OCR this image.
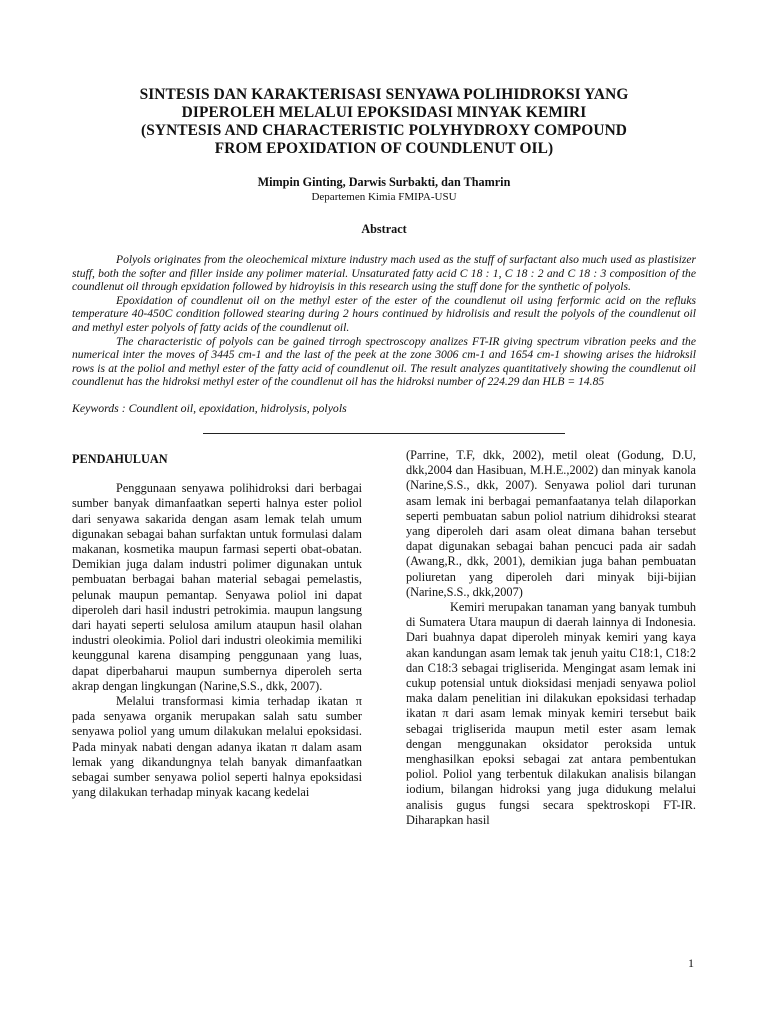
SINTESIS DAN KARAKTERISASI SENYAWA POLIHIDROKSI YANG
DIPEROLEH MELALUI EPOKSIDASI MINYAK KEMIRI
(SYNTESIS AND CHARACTERISTIC POLYHYDROXY COMPOUND
FROM EPOXIDATION OF COUNDLENUT OIL)
Mimpin Ginting, Darwis Surbakti, dan Thamrin
Departemen Kimia FMIPA-USU
Abstract

Polyols originates from the oleochemical mixture industry mach used as the stuff of surfactant also much used as plastisizer stuff, both the softer and filler inside any polimer material. Unsaturated fatty acid C 18 : 1, C 18 : 2 and C 18 : 3 composition of the coundlenut oil through epxidation followed by hidroyisis in this research using the stuff done for the synthetic of polyols.

Epoxidation of coundlenut oil on the methyl ester of the ester of the coundlenut oil using ferformic acid on the refluks temperature 40-450C condition followed stearing during 2 hours continued by hidrolisis and result the polyols of the coundlenut oil and methyl ester polyols of fatty acids of the coundlenut oil.

The characteristic of polyols can be gained tirrogh spectroscopy analizes FT-IR giving spectrum vibration peeks and the numerical inter the moves of 3445 cm-1 and the last of the peek at the zone 3006 cm-1 and 1654 cm-1 showing arises the hidroksil rows is at the poliol and methyl ester of the fatty acid of coundlenut oil. The result analyzes quantitatively showing the coundlenut oil coundlenut has the hidroksi methyl ester of the coundlenut oil has the hidroksi number of 224.29 dan HLB = 14.85

Keywords : Coundlent oil, epoxidation, hidrolysis, polyols
PENDAHULUAN

Penggunaan senyawa polihidroksi dari berbagai sumber banyak dimanfaatkan seperti halnya ester poliol dari senyawa sakarida dengan asam lemak telah umum digunakan sebagai bahan surfaktan untuk formulasi dalam makanan, kosmetika maupun farmasi seperti obat-obatan. Demikian juga dalam industri polimer digunakan untuk pembuatan berbagai bahan material sebagai pemelastis, pelunak maupun pemantap. Senyawa poliol ini dapat diperoleh dari hasil industri petrokimia. maupun langsung dari hayati seperti selulosa amilum ataupun hasil olahan industri oleokimia. Poliol dari industri oleokimia memiliki keunggunal karena disamping penggunaan yang luas, dapat diperbaharui maupun sumbernya diperoleh serta akrap dengan lingkungan (Narine,S.S., dkk, 2007).

Melalui transformasi kimia terhadap ikatan π pada senyawa organik merupakan salah satu sumber senyawa poliol yang umum dilakukan melalui epoksidasi. Pada minyak nabati dengan adanya ikatan π dalam asam lemak yang dikandungnya telah banyak dimanfaatkan sebagai sumber senyawa poliol seperti halnya epoksidasi yang dilakukan terhadap minyak kacang kedelai

(Parrine, T.F, dkk, 2002), metil oleat (Godung, D.U, dkk,2004 dan Hasibuan, M.H.E.,2002) dan minyak kanola (Narine,S.S., dkk, 2007). Senyawa poliol dari turunan asam lemak ini berbagai pemanfaatanya telah dilaporkan seperti pembuatan sabun poliol natrium dihidroksi stearat yang diperoleh dari asam oleat dimana bahan tersebut dapat digunakan sebagai bahan pencuci pada air sadah (Awang,R., dkk, 2001), demikian juga bahan pembuatan poliuretan yang diperoleh dari minyak biji-bijian (Narine,S.S., dkk,2007)

Kemiri merupakan tanaman yang banyak tumbuh di Sumatera Utara maupun di daerah lainnya di Indonesia. Dari buahnya dapat diperoleh minyak kemiri yang kaya akan kandungan asam lemak tak jenuh yaitu C18:1, C18:2 dan C18:3 sebagai trigliserida. Mengingat asam lemak ini cukup potensial untuk dioksidasi menjadi senyawa poliol maka dalam penelitian ini dilakukan epoksidasi terhadap ikatan π dari asam lemak minyak kemiri tersebut baik sebagai trigliserida maupun metil ester asam lemak dengan menggunakan oksidator peroksida untuk menghasilkan epoksi sebagai zat antara pembentukan poliol. Poliol yang terbentuk dilakukan analisis bilangan iodium, bilangan hidroksi yang juga didukung melalui analisis gugus fungsi secara spektroskopi FT-IR. Diharapkan hasil

1
